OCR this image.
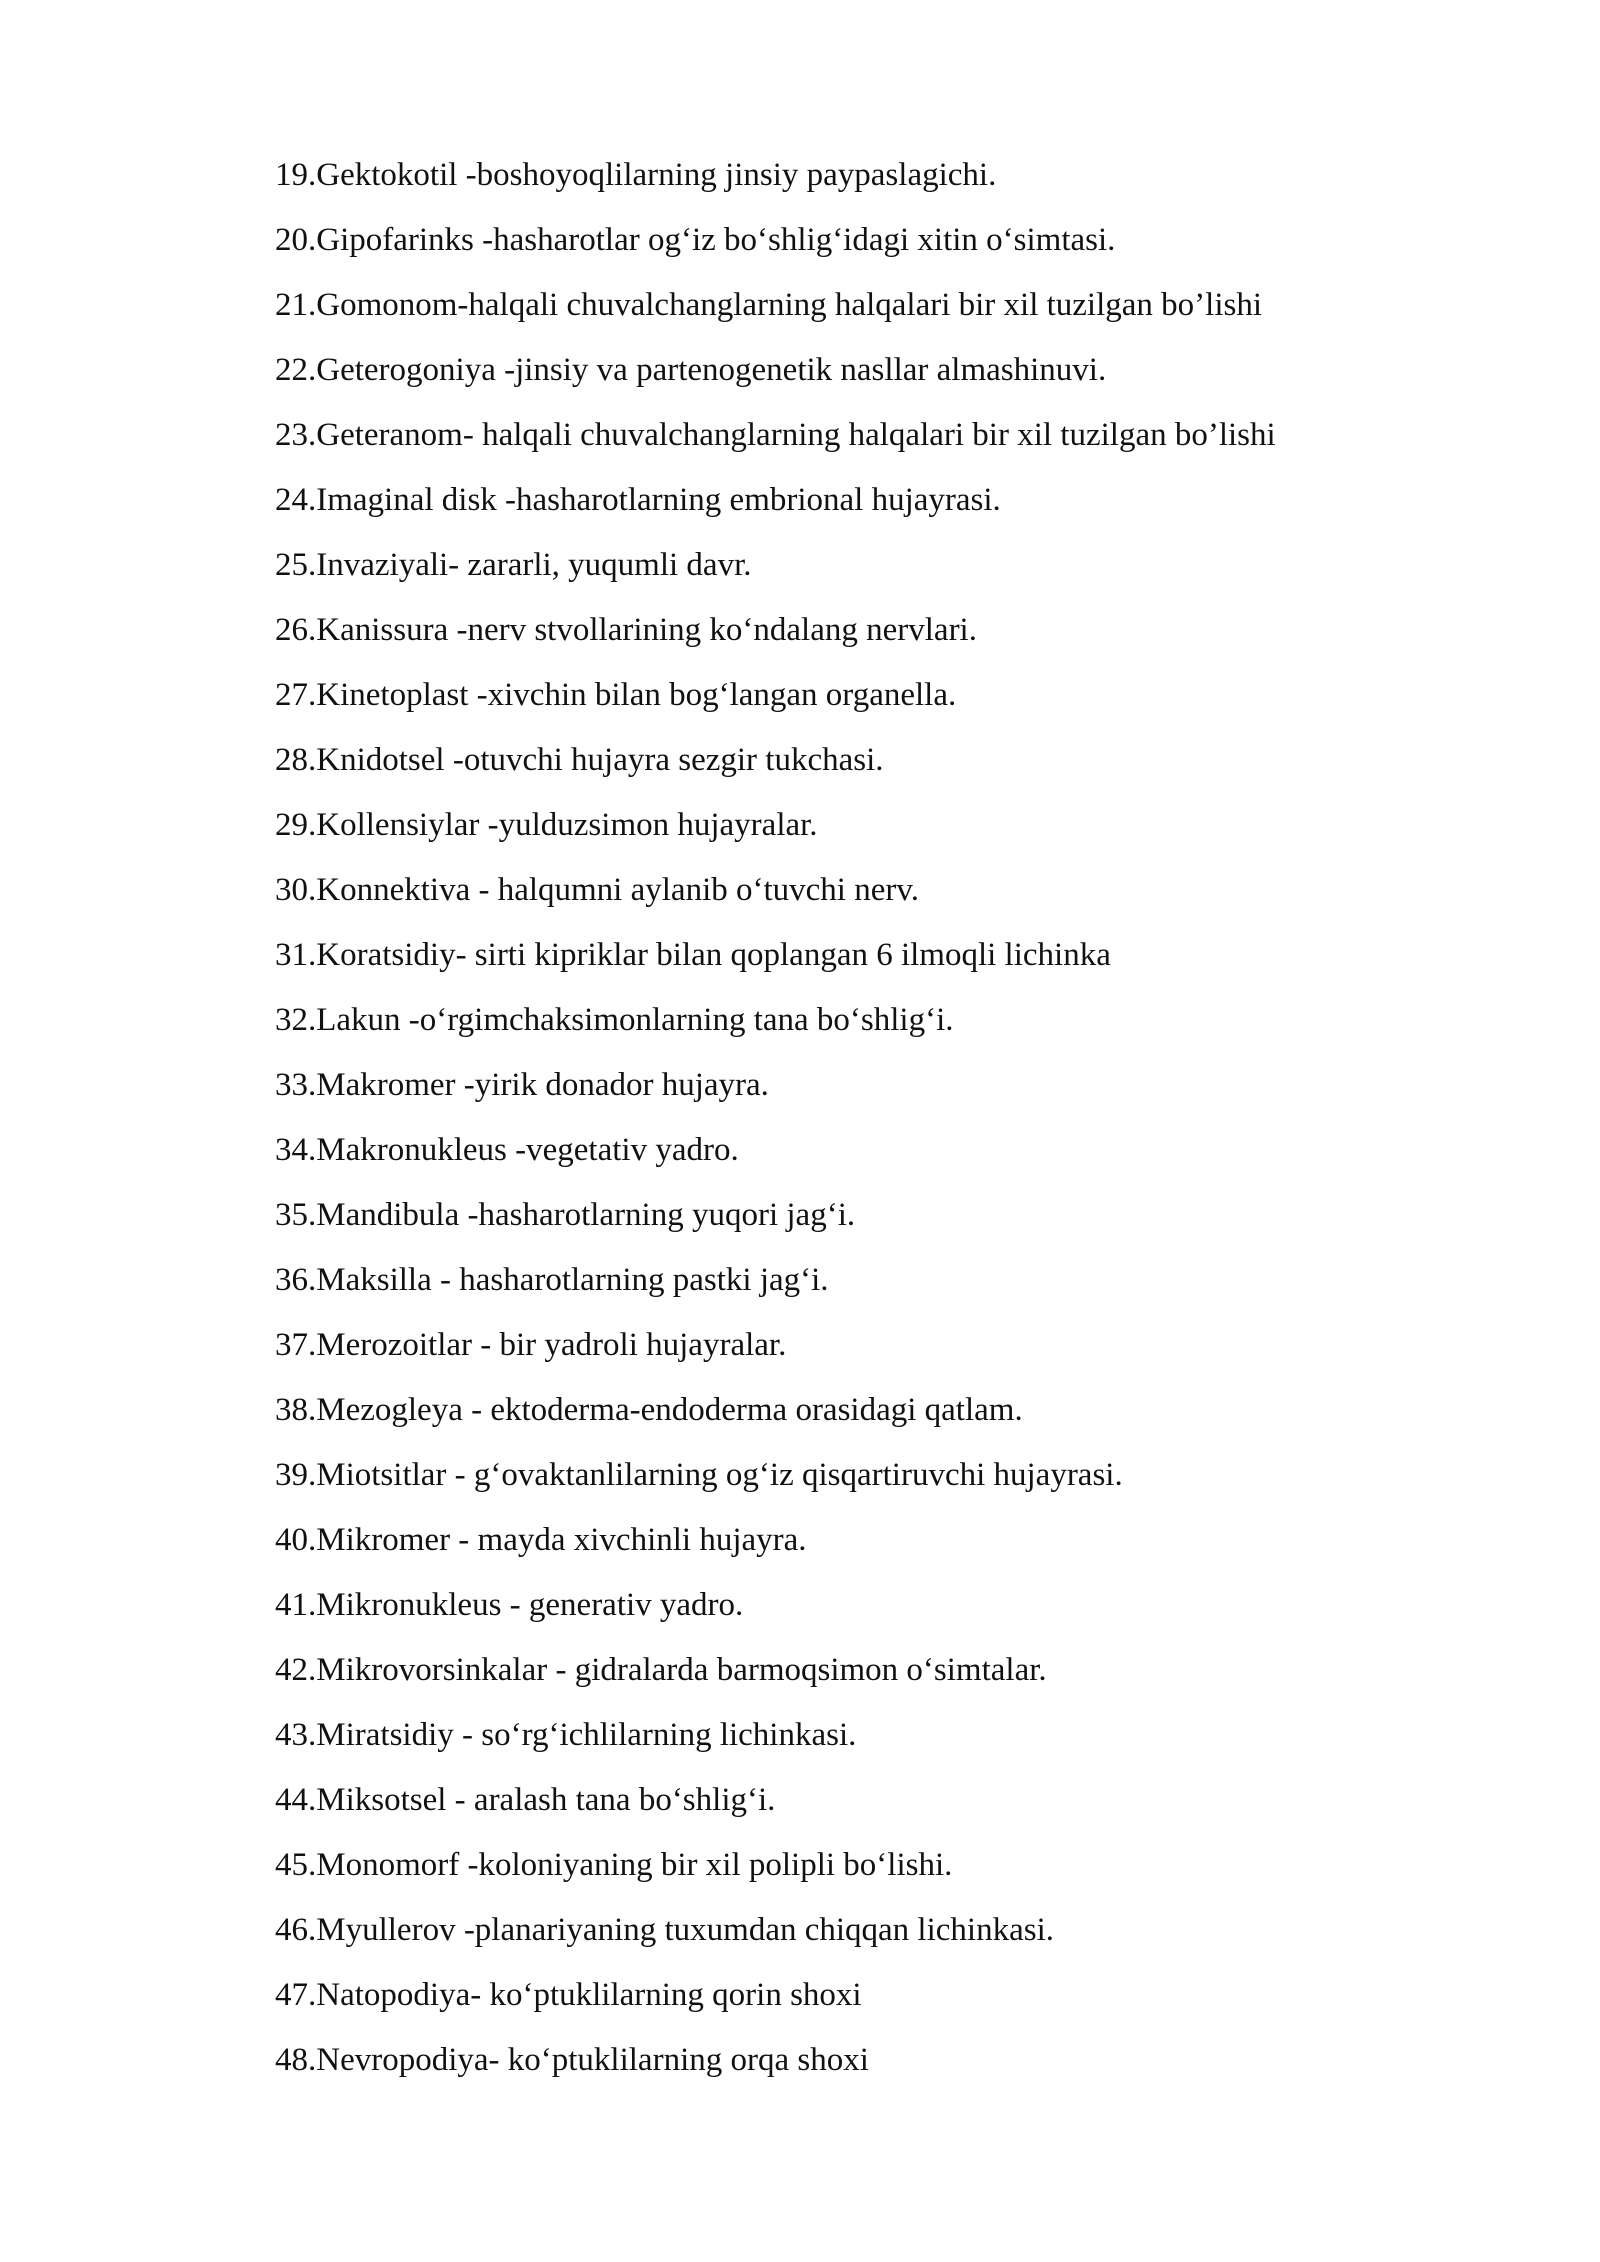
19.Gektokotil -boshoyoqlilarning jinsiy paypaslagichi.
20.Gipofarinks -hasharotlar og‘iz bo‘shlig‘idagi xitin o‘simtasi.
21.Gomonom-halqali chuvalchanglarning halqalari bir xil tuzilgan bo’lishi
22.Geterogoniya -jinsiy va partenogenetik nasllar almashinuvi.
23.Geteranom- halqali chuvalchanglarning halqalari bir xil tuzilgan bo’lishi
24.Imaginal disk -hasharotlarning embrional hujayrasi.
25.Invaziyali- zararli, yuqumli davr.
26.Kanissura -nerv stvollarining ko‘ndalang nervlari.
27.Kinetoplast -xivchin bilan bog‘langan organella.
28.Knidotsel -otuvchi hujayra sezgir tukchasi.
29.Kollensiylar -yulduzsimon hujayralar.
30.Konnektiva - halqumni aylanib o‘tuvchi nerv.
31.Koratsidiy- sirti kipriklar bilan qoplangan 6 ilmoqli lichinka
32.Lakun -o‘rgimchaksimonlarning tana bo‘shlig‘i.
33.Makromer -yirik donador hujayra.
34.Makronukleus -vegetativ yadro.
35.Mandibula -hasharotlarning yuqori jag‘i.
36.Maksilla - hasharotlarning pastki jag‘i.
37.Merozoitlar - bir yadroli hujayralar.
38.Mezogleya - ektoderma-endoderma orasidagi qatlam.
39.Miotsitlar - g‘ovaktanlilarning og‘iz qisqartiruvchi hujayrasi.
40.Mikromer - mayda xivchinli hujayra.
41.Mikronukleus - generativ yadro.
42.Mikrovorsinkalar - gidralarda barmoqsimon o‘simtalar.
43.Miratsidiy - so‘rg‘ichlilarning lichinkasi.
44.Miksotsel - aralash tana bo‘shlig‘i.
45.Monomorf -koloniyaning bir xil polipli bo‘lishi.
46.Myullerov -planariyaning tuxumdan chiqqan lichinkasi.
47.Natopodiya- ko‘ptuklilarning qorin shoxi
48.Nevropodiya- ko‘ptuklilarning orqa shoxi
